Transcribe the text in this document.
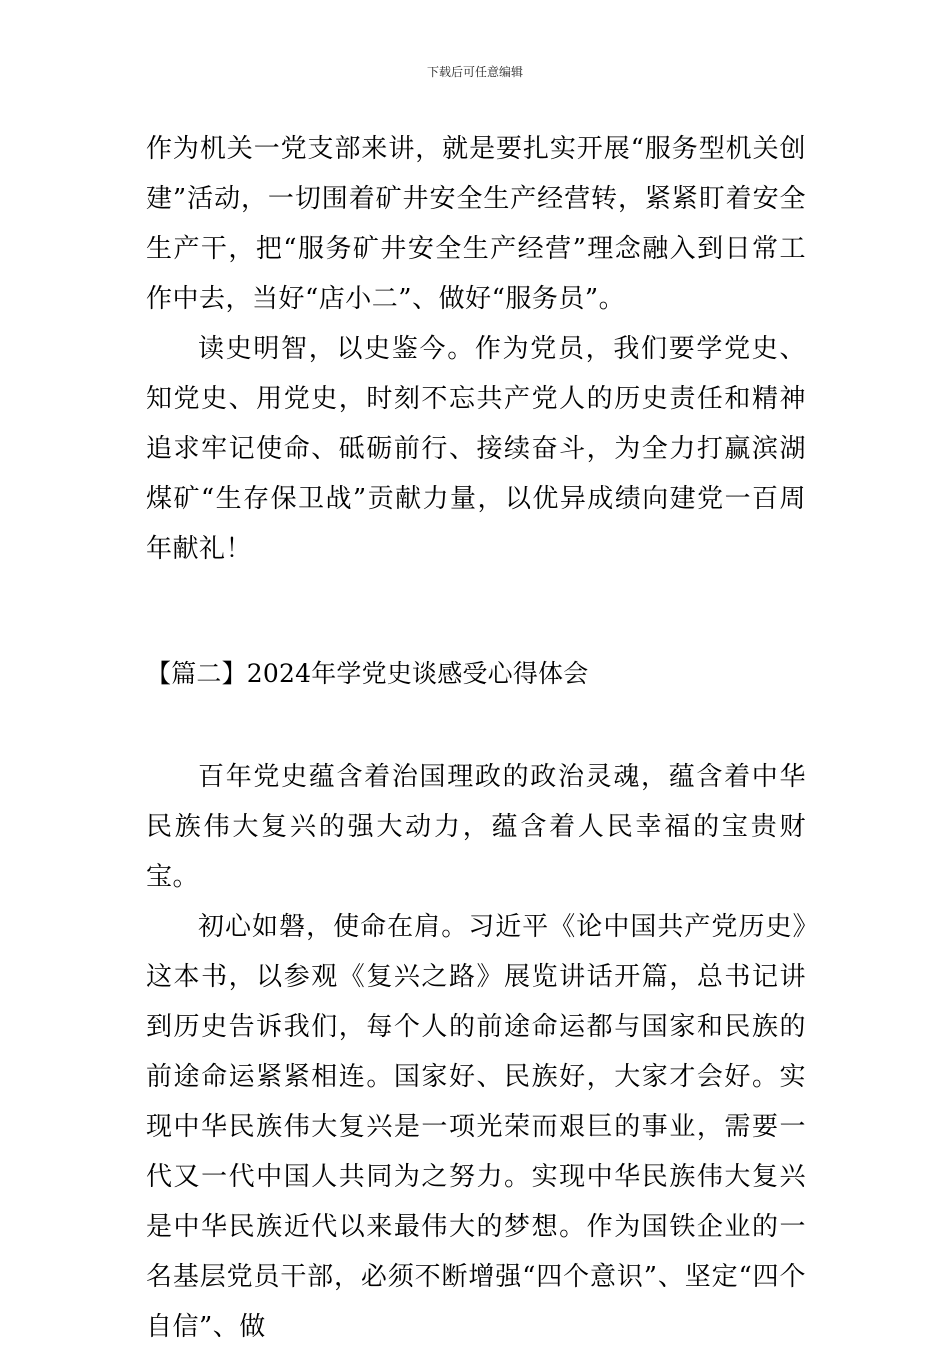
下载后可任意编辑

作为机关一党支部来讲，就是要扎实开展“服务型机关创建”活动，一切围着矿井安全生产经营转，紧紧盯着安全生产干，把“服务矿井安全生产经营”理念融入到日常工作中去，当好“店小二”、做好“服务员”。

读史明智，以史鉴今。作为党员，我们要学党史、知党史、用党史，时刻不忘共产党人的历史责任和精神追求牢记使命、砥砺前行、接续奋斗，为全力打赢滨湖煤矿“生存保卫战”贡献力量，以优异成绩向建党一百周年献礼！

【篇二】2024年学党史谈感受心得体会

百年党史蕴含着治国理政的政治灵魂，蕴含着中华民族伟大复兴的强大动力，蕴含着人民幸福的宝贵财宝。

初心如磐，使命在肩。习近平《论中国共产党历史》这本书，以参观《复兴之路》展览讲话开篇，总书记讲到历史告诉我们，每个人的前途命运都与国家和民族的前途命运紧紧相连。国家好、民族好，大家才会好。实现中华民族伟大复兴是一项光荣而艰巨的事业，需要一代又一代中国人共同为之努力。实现中华民族伟大复兴是中华民族近代以来最伟大的梦想。作为国铁企业的一名基层党员干部，必须不断增强“四个意识”、坚定“四个自信”、做
